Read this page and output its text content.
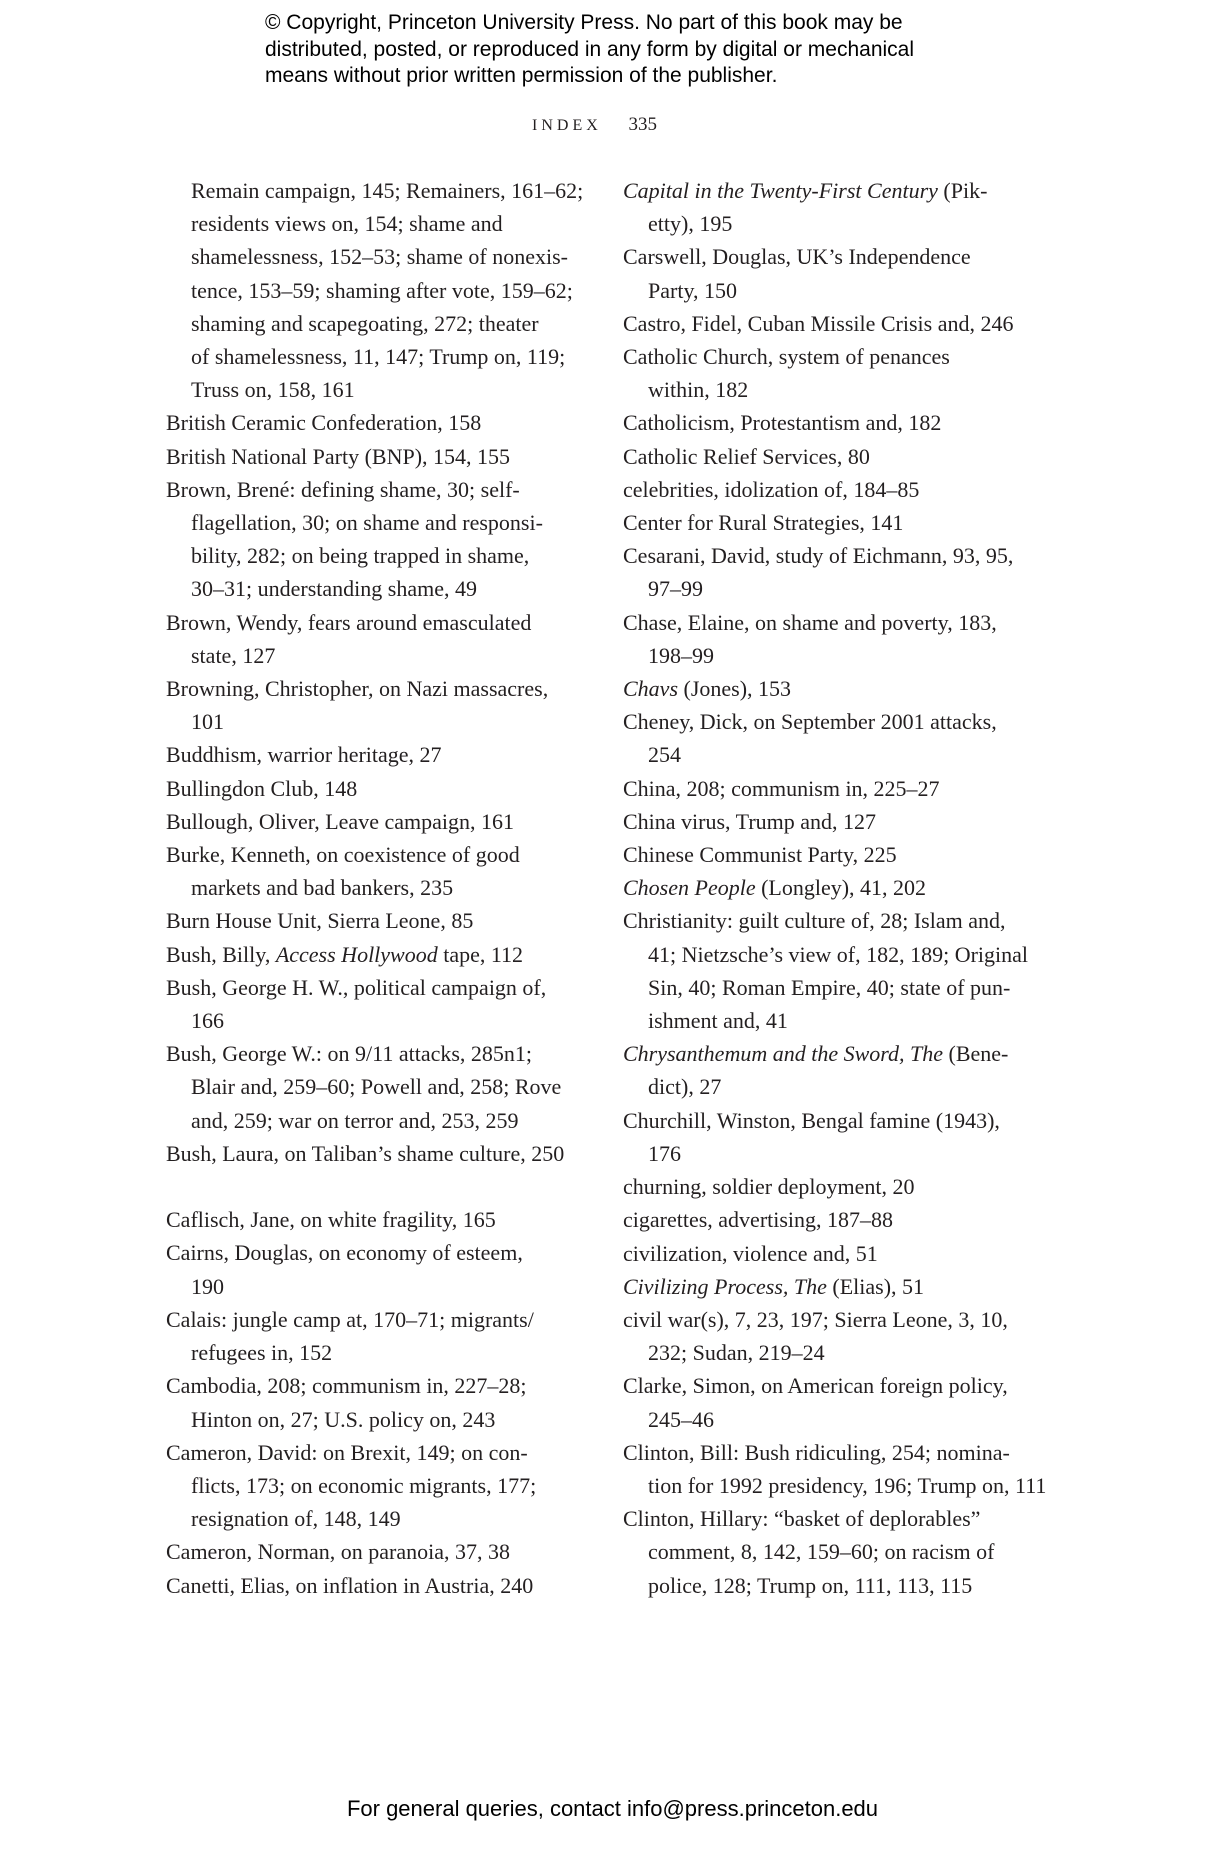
© Copyright, Princeton University Press. No part of this book may be
distributed, posted, or reproduced in any form by digital or mechanical
means without prior written permission of the publisher.
INDEX 335
Remain campaign, 145; Remainers, 161–62;
residents views on, 154; shame and
shamelessness, 152–53; shame of nonexis-
tence, 153–59; shaming after vote, 159–62;
shaming and scapegoating, 272; theater
of shamelessness, 11, 147; Trump on, 119;
Truss on, 158, 161
British Ceramic Confederation, 158
British National Party (BNP), 154, 155
Brown, Brené: defining shame, 30; self-
flagellation, 30; on shame and responsi-
bility, 282; on being trapped in shame,
30–31; understanding shame, 49
Brown, Wendy, fears around emasculated
state, 127
Browning, Christopher, on Nazi massacres,
101
Buddhism, warrior heritage, 27
Bullingdon Club, 148
Bullough, Oliver, Leave campaign, 161
Burke, Kenneth, on coexistence of good
markets and bad bankers, 235
Burn House Unit, Sierra Leone, 85
Bush, Billy, Access Hollywood tape, 112
Bush, George H. W., political campaign of,
166
Bush, George W.: on 9/11 attacks, 285n1;
Blair and, 259–60; Powell and, 258; Rove
and, 259; war on terror and, 253, 259
Bush, Laura, on Taliban’s shame culture, 250
Caflisch, Jane, on white fragility, 165
Cairns, Douglas, on economy of esteem,
190
Calais: jungle camp at, 170–71; migrants/
refugees in, 152
Cambodia, 208; communism in, 227–28;
Hinton on, 27; U.S. policy on, 243
Cameron, David: on Brexit, 149; on con-
flicts, 173; on economic migrants, 177;
resignation of, 148, 149
Cameron, Norman, on paranoia, 37, 38
Canetti, Elias, on inflation in Austria, 240
Capital in the Twenty-First Century (Pik-
etty), 195
Carswell, Douglas, UK’s Independence
Party, 150
Castro, Fidel, Cuban Missile Crisis and, 246
Catholic Church, system of penances
within, 182
Catholicism, Protestantism and, 182
Catholic Relief Services, 80
celebrities, idolization of, 184–85
Center for Rural Strategies, 141
Cesarani, David, study of Eichmann, 93, 95,
97–99
Chase, Elaine, on shame and poverty, 183,
198–99
Chavs (Jones), 153
Cheney, Dick, on September 2001 attacks,
254
China, 208; communism in, 225–27
China virus, Trump and, 127
Chinese Communist Party, 225
Chosen People (Longley), 41, 202
Christianity: guilt culture of, 28; Islam and,
41; Nietzsche’s view of, 182, 189; Original
Sin, 40; Roman Empire, 40; state of pun-
ishment and, 41
Chrysanthemum and the Sword, The (Bene-
dict), 27
Churchill, Winston, Bengal famine (1943),
176
churning, soldier deployment, 20
cigarettes, advertising, 187–88
civilization, violence and, 51
Civilizing Process, The (Elias), 51
civil war(s), 7, 23, 197; Sierra Leone, 3, 10,
232; Sudan, 219–24
Clarke, Simon, on American foreign policy,
245–46
Clinton, Bill: Bush ridiculing, 254; nomina-
tion for 1992 presidency, 196; Trump on, 111
Clinton, Hillary: “basket of deplorables”
comment, 8, 142, 159–60; on racism of
police, 128; Trump on, 111, 113, 115
For general queries, contact info@press.princeton.edu
